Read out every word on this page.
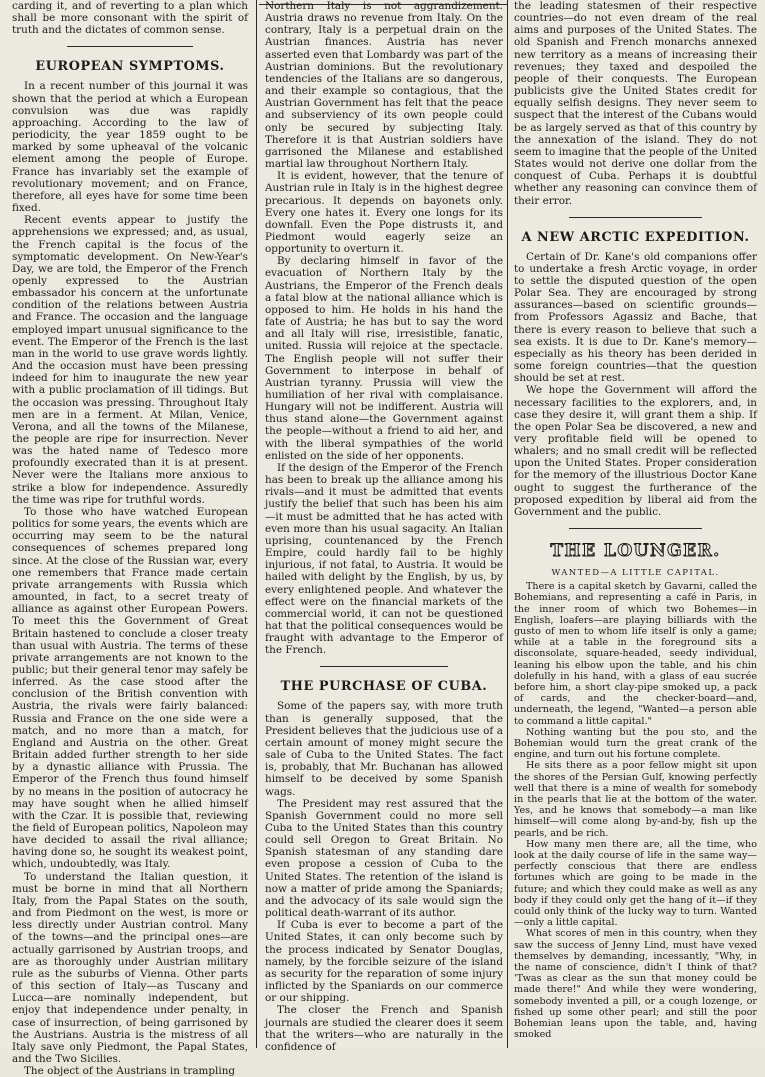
carding it, and of reverting to a plan which shall be more consonant with the spirit of truth and the dictates of common sense.

EUROPEAN SYMPTOMS.

In a recent number of this journal it was shown that the period at which a European convulsion was due was rapidly approaching. According to the law of periodicity, the year 1859 ought to be marked by some upheaval of the volcanic element among the people of Europe. France has invariably set the example of revolutionary movement; and on France, therefore, all eyes have for some time been fixed.

Recent events appear to justify the apprehensions we expressed; and, as usual, the French capital is the focus of the symptomatic development. On New-Year's Day, we are told, the Emperor of the French openly expressed to the Austrian embassador his concern at the unfortunate condition of the relations between Austria and France. The occasion and the language employed impart unusual significance to the event. The Emperor of the French is the last man in the world to use grave words lightly. And the occasion must have been pressing indeed for him to inaugurate the new year with a public proclamation of ill tidings. But the occasion was pressing. Throughout Italy men are in a ferment. At Milan, Venice, Verona, and all the towns of the Milanese, the people are ripe for insurrection. Never was the hated name of Tedesco more profoundly execrated than it is at present. Never were the Italians more anxious to strike a blow for independence. Assuredly the time was ripe for truthful words.

To those who have watched European politics for some years, the events which are occurring may seem to be the natural consequences of schemes prepared long since. At the close of the Russian war, every one remembers that France made certain private arrangements with Russia which amounted, in fact, to a secret treaty of alliance as against other European Powers. To meet this the Government of Great Britain hastened to conclude a closer treaty than usual with Austria. The terms of these private arrangements are not known to the public; but their general tenor may safely be inferred. As the case stood after the conclusion of the British convention with Austria, the rivals were fairly balanced: Russia and France on the one side were a match, and no more than a match, for England and Austria on the other. Great Britain added further strength to her side by a dynastic alliance with Prussia. The Emperor of the French thus found himself by no means in the position of autocracy he may have sought when he allied himself with the Czar. It is possible that, reviewing the field of European politics, Napoleon may have decided to assail the rival alliance; having done so, he sought its weakest point, which, undoubtedly, was Italy.

To understand the Italian question, it must be borne in mind that all Northern Italy, from the Papal States on the south, and from Piedmont on the west, is more or less directly under Austrian control. Many of the towns—and the principal ones—are actually garrisoned by Austrian troops, and are as thoroughly under Austrian military rule as the suburbs of Vienna. Other parts of this section of Italy—as Tuscany and Lucca—are nominally independent, but enjoy that independence under penalty, in case of insurrection, of being garrisoned by the Austrians. Austria is the mistress of all Italy save only Piedmont, the Papal States, and the Two Sicilies.

The object of the Austrians in trampling

Northern Italy is not aggrandizement. Austria draws no revenue from Italy. On the contrary, Italy is a perpetual drain on the Austrian finances. Austria has never asserted even that Lombardy was part of the Austrian dominions. But the revolutionary tendencies of the Italians are so dangerous, and their example so contagious, that the Austrian Government has felt that the peace and subserviency of its own people could only be secured by subjecting Italy. Therefore it is that Austrian soldiers have garrisoned the Milanese and established martial law throughout Northern Italy.

It is evident, however, that the tenure of Austrian rule in Italy is in the highest degree precarious. It depends on bayonets only. Every one hates it. Every one longs for its downfall. Even the Pope distrusts it, and Piedmont would eagerly seize an opportunity to overturn it.

By declaring himself in favor of the evacuation of Northern Italy by the Austrians, the Emperor of the French deals a fatal blow at the national alliance which is opposed to him. He holds in his hand the fate of Austria; he has but to say the word and all Italy will rise, irresistible, fanatic, united. Russia will rejoice at the spectacle. The English people will not suffer their Government to interpose in behalf of Austrian tyranny. Prussia will view the humiliation of her rival with complaisance. Hungary will not be indifferent. Austria will thus stand alone—the Government against the people—without a friend to aid her, and with the liberal sympathies of the world enlisted on the side of her opponents.

If the design of the Emperor of the French has been to break up the alliance among his rivals—and it must be admitted that events justify the belief that such has been his aim—it must be admitted that he has acted with even more than his usual sagacity. An Italian uprising, countenanced by the French Empire, could hardly fail to be highly injurious, if not fatal, to Austria. It would be hailed with delight by the English, by us, by every enlightened people. And whatever the effect were on the financial markets of the commercial world, it can not be questioned hat that the political consequences would be fraught with advantage to the Emperor of the French.

THE PURCHASE OF CUBA.

Some of the papers say, with more truth than is generally supposed, that the President believes that the judicious use of a certain amount of money might secure the sale of Cuba to the United States. The fact is, probably, that Mr. Buchanan has allowed himself to be deceived by some Spanish wags.

The President may rest assured that the Spanish Government could no more sell Cuba to the United States than this country could sell Oregon to Great Britain. No Spanish statesman of any standing dare even propose a cession of Cuba to the United States. The retention of the island is now a matter of pride among the Spaniards; and the advocacy of its sale would sign the political death-warrant of its author.

If Cuba is ever to become a part of the United States, it can only become such by the process indicated by Senator Douglas, namely, by the forcible seizure of the island as security for the reparation of some injury inflicted by the Spaniards on our commerce or our shipping.

The closer the French and Spanish journals are studied the clearer does it seem that the writers—who are naturally in the confidence of

the leading statesmen of their respective countries—do not even dream of the real aims and purposes of the United States. The old Spanish and French monarchs annexed new territory as a means of increasing their revenues; they taxed and despoiled the people of their conquests. The European publicists give the United States credit for equally selfish designs. They never seem to suspect that the interest of the Cubans would be as largely served as that of this country by the annexation of the island. They do not seem to imagine that the people of the United States would not derive one dollar from the conquest of Cuba. Perhaps it is doubtful whether any reasoning can convince them of their error.

A NEW ARCTIC EXPEDITION.

Certain of Dr. Kane's old companions offer to undertake a fresh Arctic voyage, in order to settle the disputed question of the open Polar Sea. They are encouraged by strong assurances—based on scientific grounds—from Professors Agassiz and Bache, that there is every reason to believe that such a sea exists. It is due to Dr. Kane's memory—especially as his theory has been derided in some foreign countries—that the question should be set at rest.

We hope the Government will afford the necessary facilities to the explorers, and, in case they desire it, will grant them a ship. If the open Polar Sea be discovered, a new and very profitable field will be opened to whalers; and no small credit will be reflected upon the United States. Proper consideration for the memory of the illustrious Doctor Kane ought to suggest the furtherance of the proposed expedition by liberal aid from the Government and the public.

THE LOUNGER.
WANTED—A LITTLE CAPITAL.

There is a capital sketch by Gavarni, called the Bohemians, and representing a café in Paris, in the inner room of which two Bohemes—in English, loafers—are playing billiards with the gusto of men to whom life itself is only a game; while at a table in the foreground sits a disconsolate, square-headed, seedy individual, leaning his elbow upon the table, and his chin dolefully in his hand, with a glass of eau sucrée before him, a short clay-pipe smoked up, a pack of cards, and the checker-board—and, underneath, the legend, "Wanted—a person able to command a little capital."

Nothing wanting but the pou sto, and the Bohemian would turn the great crank of the engine, and turn out his fortune complete.

He sits there as a poor fellow might sit upon the shores of the Persian Gulf, knowing perfectly well that there is a mine of wealth for somebody in the pearls that lie at the bottom of the water. Yes, and he knows that somebody—a man like himself—will come along by-and-by, fish up the pearls, and be rich.

How many men there are, all the time, who look at the daily course of life in the same way—perfectly conscious that there are endless fortunes which are going to be made in the future; and which they could make as well as any body if they could only get the hang of it—if they could only think of the lucky way to turn. Wanted—only a little capital.

What scores of men in this country, when they saw the success of Jenny Lind, must have vexed themselves by demanding, incessantly, "Why, in the name of conscience, didn't I think of that? 'Twas as clear as the sun that money could be made there!" And while they were wondering, somebody invented a pill, or a cough lozenge, or fished up some other pearl; and still the poor Bohemian leans upon the table, and, having smoked
